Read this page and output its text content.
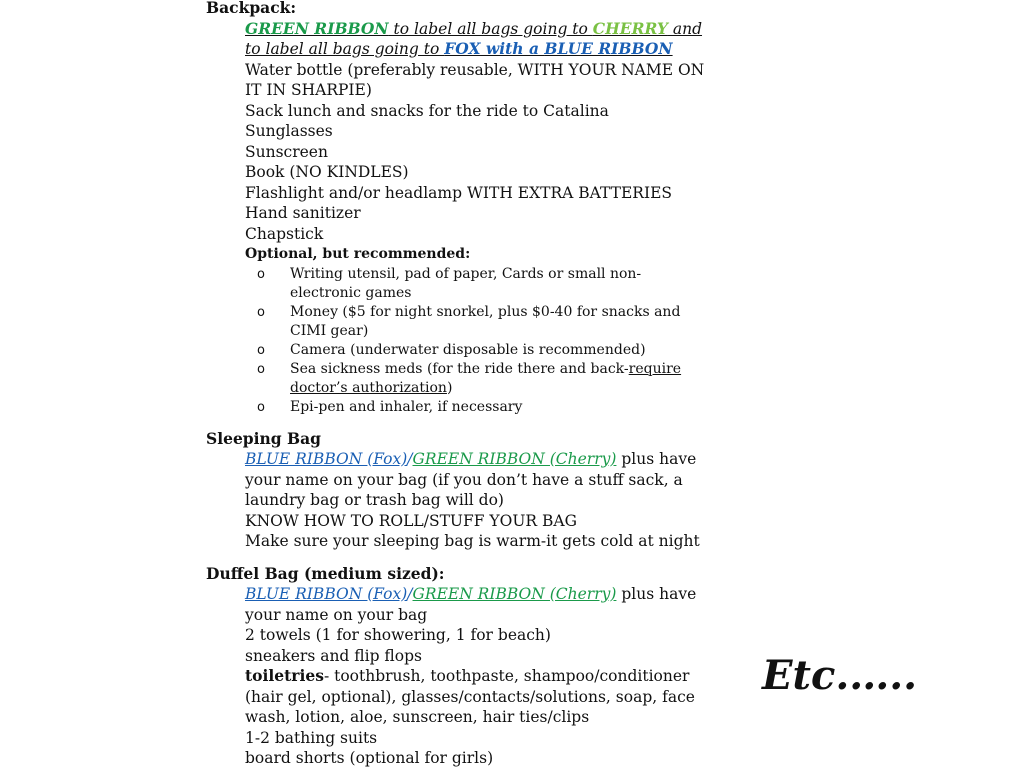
Backpack:
GREEN RIBBON to label all bags going to CHERRY and to label all bags going to FOX with a BLUE RIBBON
Water bottle (preferably reusable, WITH YOUR NAME ON IT IN SHARPIE)
Sack lunch and snacks for the ride to Catalina
Sunglasses
Sunscreen
Book (NO KINDLES)
Flashlight and/or headlamp WITH EXTRA BATTERIES
Hand sanitizer
Chapstick
Optional, but recommended:
o Writing utensil, pad of paper, Cards or small non-electronic games
o Money ($5 for night snorkel, plus $0-40 for snacks and CIMI gear)
o Camera (underwater disposable is recommended)
o Sea sickness meds (for the ride there and back-require doctor’s authorization)
o Epi-pen and inhaler, if necessary
Sleeping Bag
BLUE RIBBON (Fox)/GREEN RIBBON (Cherry) plus have your name on your bag (if you don’t have a stuff sack, a laundry bag or trash bag will do)
KNOW HOW TO ROLL/STUFF YOUR BAG
Make sure your sleeping bag is warm-it gets cold at night
Duffel Bag (medium sized):
BLUE RIBBON (Fox)/GREEN RIBBON (Cherry) plus have your name on your bag
2 towels (1 for showering, 1 for beach)
sneakers and flip flops
toiletries- toothbrush, toothpaste, shampoo/conditioner (hair gel, optional), glasses/contacts/solutions, soap, face wash, lotion, aloe, sunscreen, hair ties/clips
1-2 bathing suits
board shorts (optional for girls)
Etc.…..
